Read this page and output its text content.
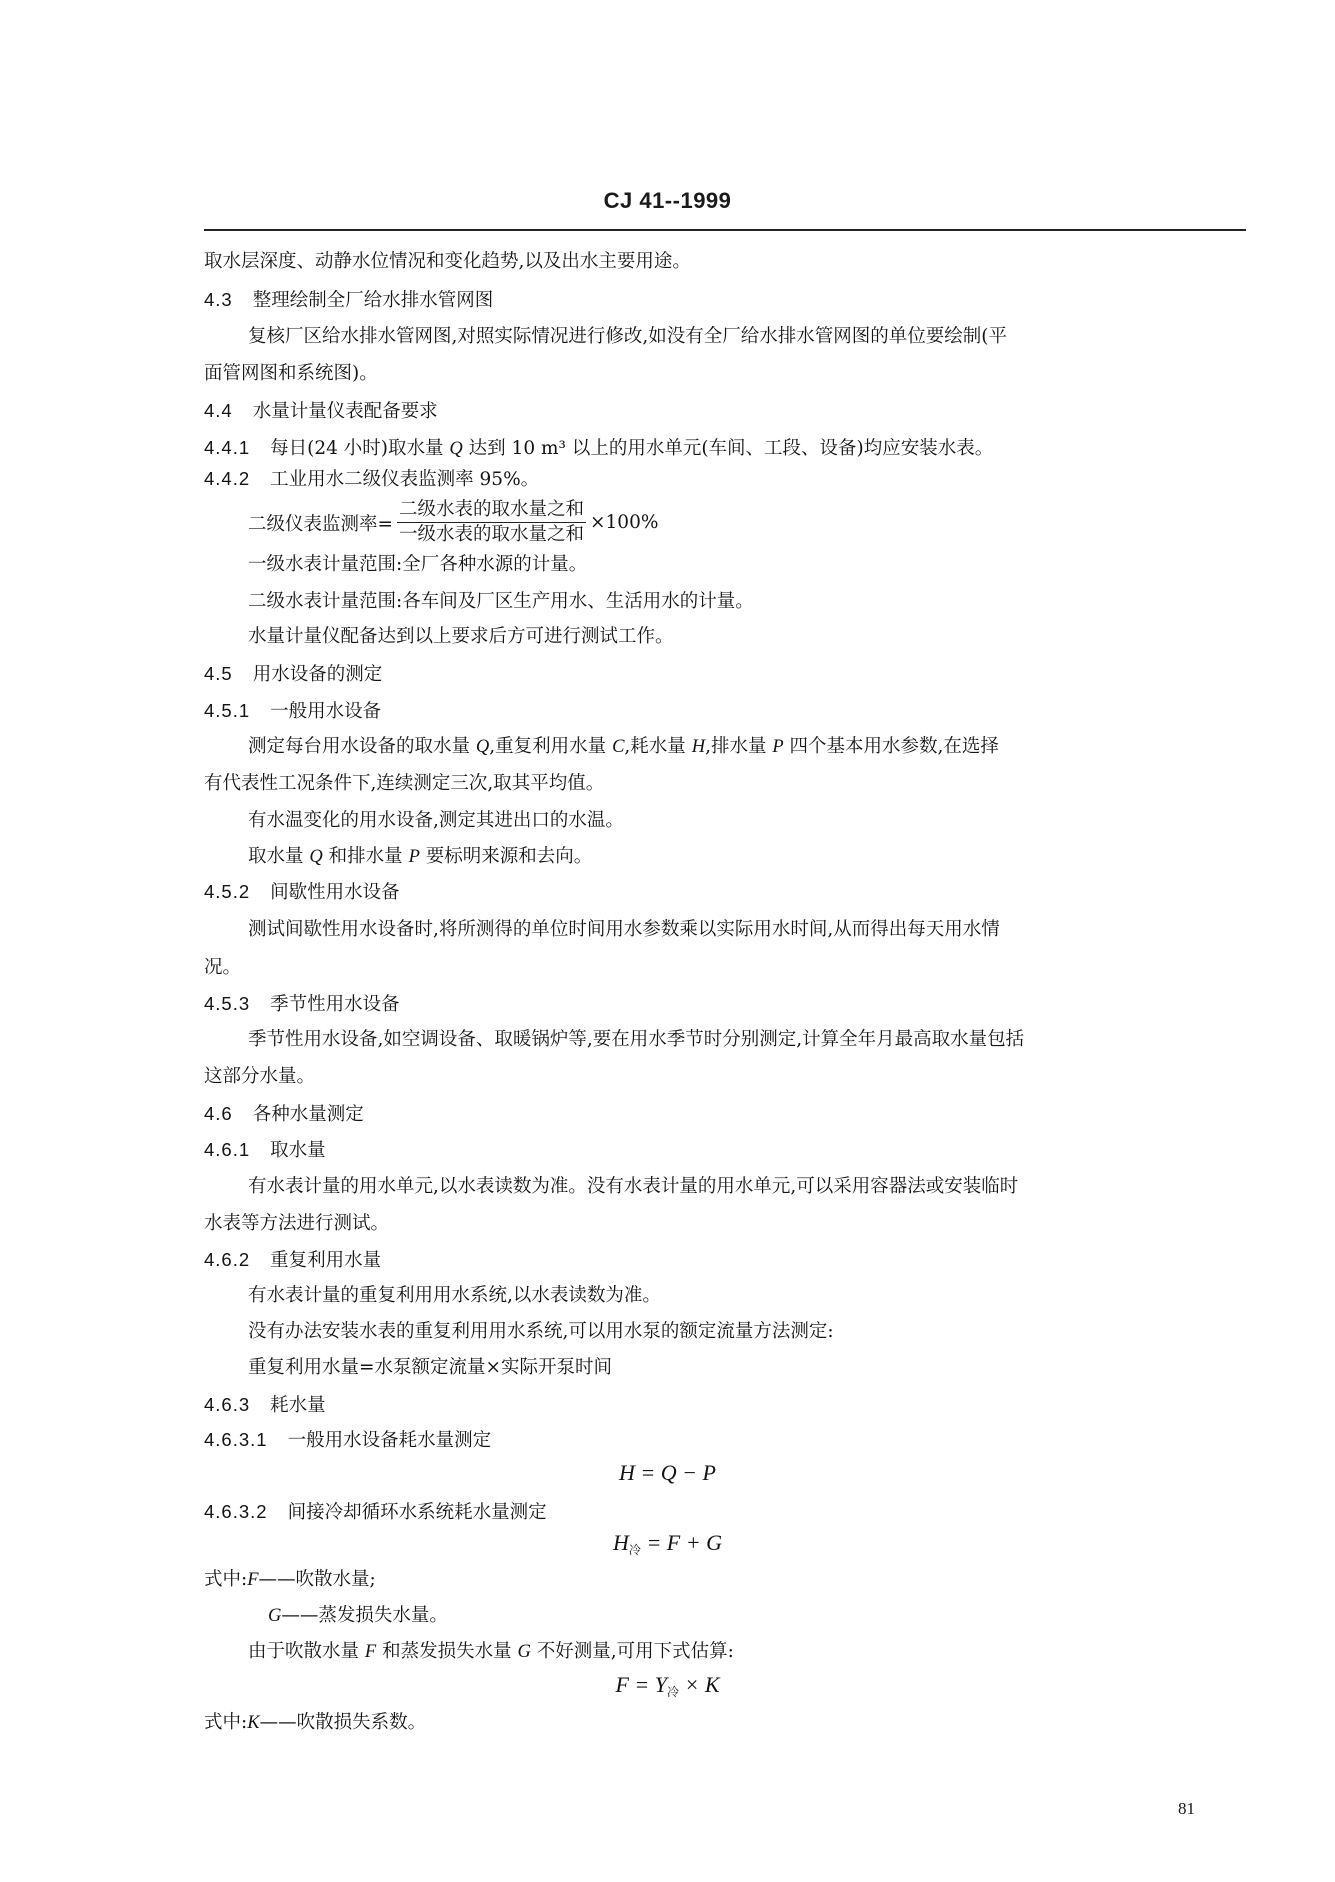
CJ 41--1999
取水层深度、动静水位情况和变化趋势,以及出水主要用途。
4.3 整理绘制全厂给水排水管网图
复核厂区给水排水管网图,对照实际情况进行修改,如没有全厂给水排水管网图的单位要绘制(平
面管网图和系统图)。
4.4 水量计量仪表配备要求
4.4.1 每日(24 小时)取水量 Q 达到 10 m³ 以上的用水单元(车间、工段、设备)均应安装水表。
4.4.2 工业用水二级仪表监测率 95%。
二级仪表监测率= $\frac{\text{二级水表的取水量之和}}{\text{一级水表的取水量之和}} \times 100\%$
一级水表计量范围:全厂各种水源的计量。
二级水表计量范围:各车间及厂区生产用水、生活用水的计量。
水量计量仪配备达到以上要求后方可进行测试工作。
4.5 用水设备的测定
4.5.1 一般用水设备
测定每台用水设备的取水量 Q,重复利用水量 C,耗水量 H,排水量 P 四个基本用水参数,在选择
有代表性工况条件下,连续测定三次,取其平均值。
有水温变化的用水设备,测定其进出口的水温。
取水量 Q 和排水量 P 要标明来源和去向。
4.5.2 间歇性用水设备
测试间歇性用水设备时,将所测得的单位时间用水参数乘以实际用水时间,从而得出每天用水情
况。
4.5.3 季节性用水设备
季节性用水设备,如空调设备、取暖锅炉等,要在用水季节时分别测定,计算全年月最高取水量包括
这部分水量。
4.6 各种水量测定
4.6.1 取水量
有水表计量的用水单元,以水表读数为准。没有水表计量的用水单元,可以采用容器法或安装临时
水表等方法进行测试。
4.6.2 重复利用水量
有水表计量的重复利用用水系统,以水表读数为准。
没有办法安装水表的重复利用用水系统,可以用水泵的额定流量方法测定:
重复利用水量=水泵额定流量×实际开泵时间
4.6.3 耗水量
4.6.3.1 一般用水设备耗水量测定
H = Q − P
4.6.3.2 间接冷却循环水系统耗水量测定
$H_冷 = F + G$
式中:F——吹散水量;
G——蒸发损失水量。
由于吹散水量 F 和蒸发损失水量 G 不好测量,可用下式估算:
$F = Y_冷 \times K$
式中:K——吹散损失系数。
81
